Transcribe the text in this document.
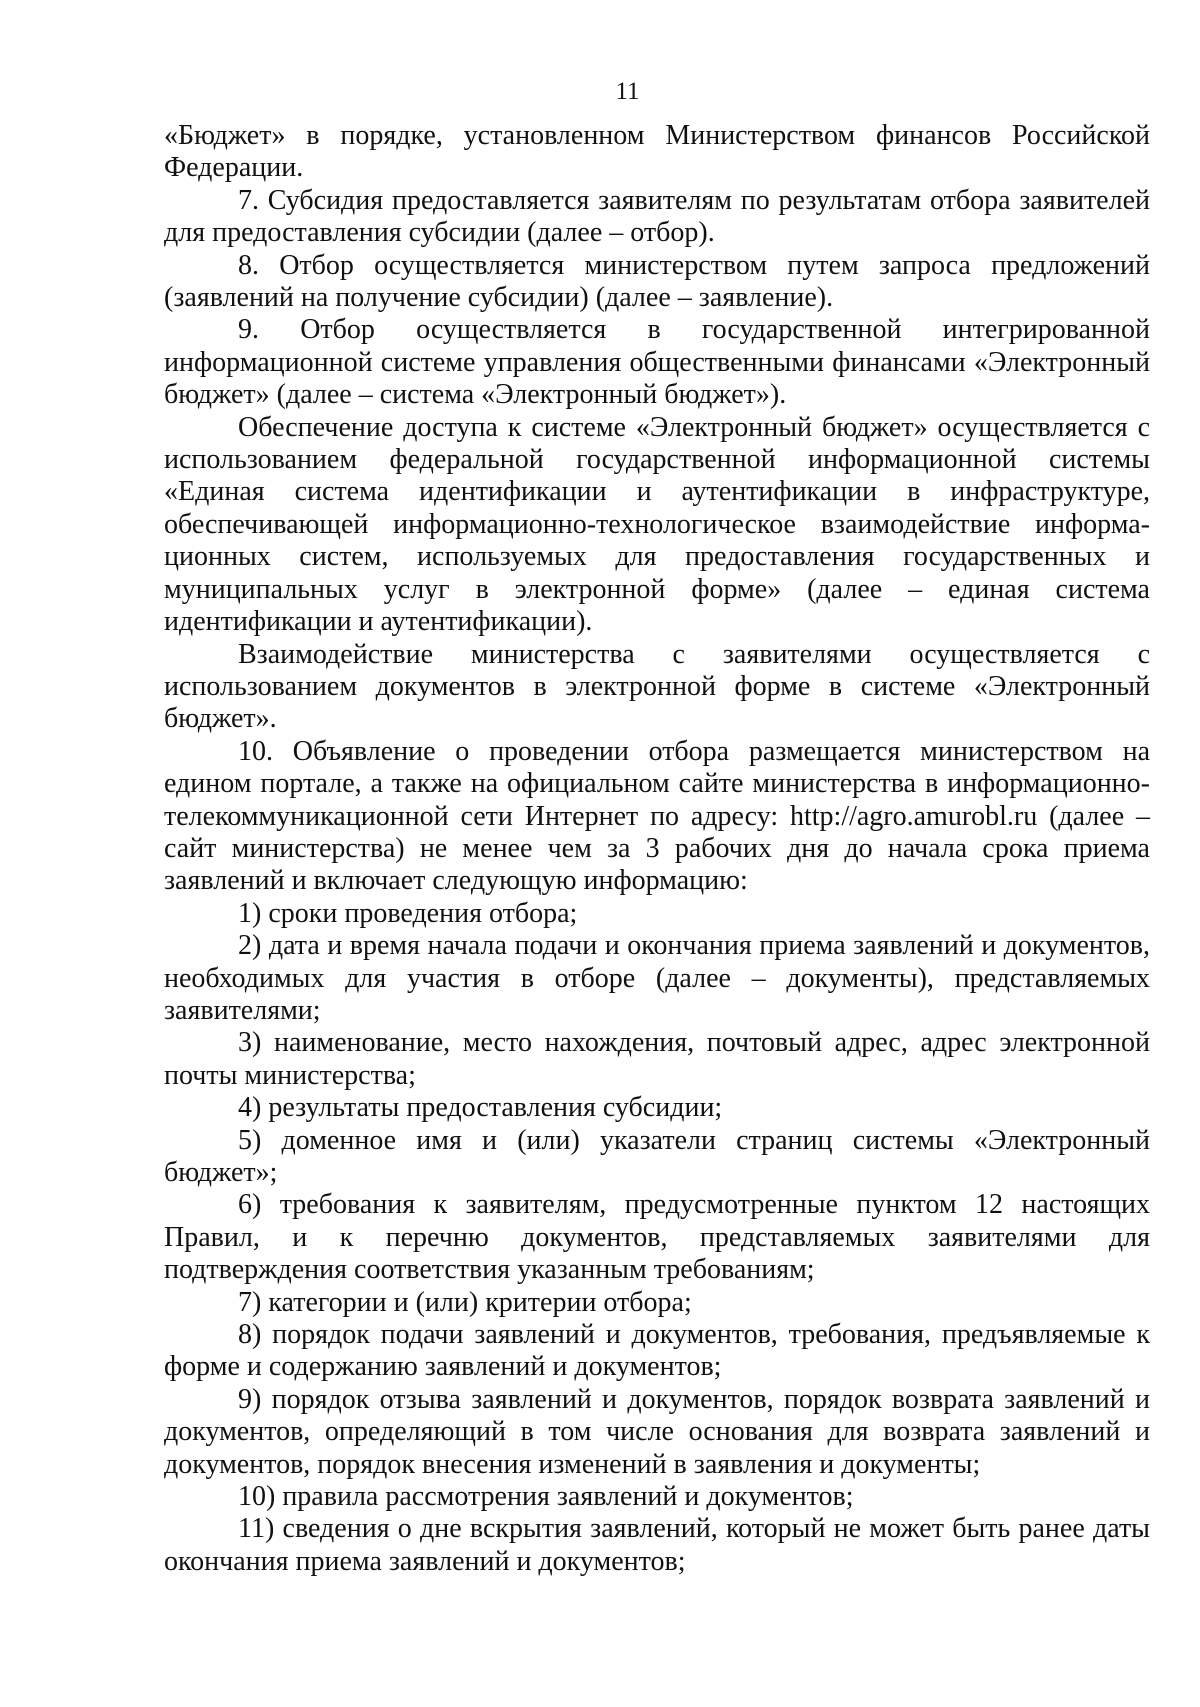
11

«Бюджет» в порядке, установленном Министерством финансов Российской Федерации.

7. Субсидия предоставляется заявителям по результатам отбора заявителей для предоставления субсидии (далее – отбор).

8. Отбор осуществляется министерством путем запроса предложений (заявлений на получение субсидии) (далее – заявление).

9. Отбор осуществляется в государственной интегрированной информационной системе управления общественными финансами «Электронный бюджет» (далее – система «Электронный бюджет»).

Обеспечение доступа к системе «Электронный бюджет» осуществляется с использованием федеральной государственной информационной системы «Единая система идентификации и аутентификации в инфраструктуре, обеспечивающей информационно-технологическое взаимодействие информационных систем, используемых для предоставления государственных и муниципальных услуг в электронной форме» (далее – единая система идентификации и аутентификации).

Взаимодействие министерства с заявителями осуществляется с использованием документов в электронной форме в системе «Электронный бюджет».

10. Объявление о проведении отбора размещается министерством на едином портале, а также на официальном сайте министерства в информационно-телекоммуникационной сети Интернет по адресу: http://agro.amurobl.ru (далее – сайт министерства) не менее чем за 3 рабочих дня до начала срока приема заявлений и включает следующую информацию:

1) сроки проведения отбора;

2) дата и время начала подачи и окончания приема заявлений и документов, необходимых для участия в отборе (далее – документы), представляемых заявителями;

3) наименование, место нахождения, почтовый адрес, адрес электронной почты министерства;

4) результаты предоставления субсидии;

5) доменное имя и (или) указатели страниц системы «Электронный бюджет»;

6) требования к заявителям, предусмотренные пунктом 12 настоящих Правил, и к перечню документов, представляемых заявителями для подтверждения соответствия указанным требованиям;

7) категории и (или) критерии отбора;

8) порядок подачи заявлений и документов, требования, предъявляемые к форме и содержанию заявлений и документов;

9) порядок отзыва заявлений и документов, порядок возврата заявлений и документов, определяющий в том числе основания для возврата заявлений и документов, порядок внесения изменений в заявления и документы;

10) правила рассмотрения заявлений и документов;

11) сведения о дне вскрытия заявлений, который не может быть ранее даты окончания приема заявлений и документов;
